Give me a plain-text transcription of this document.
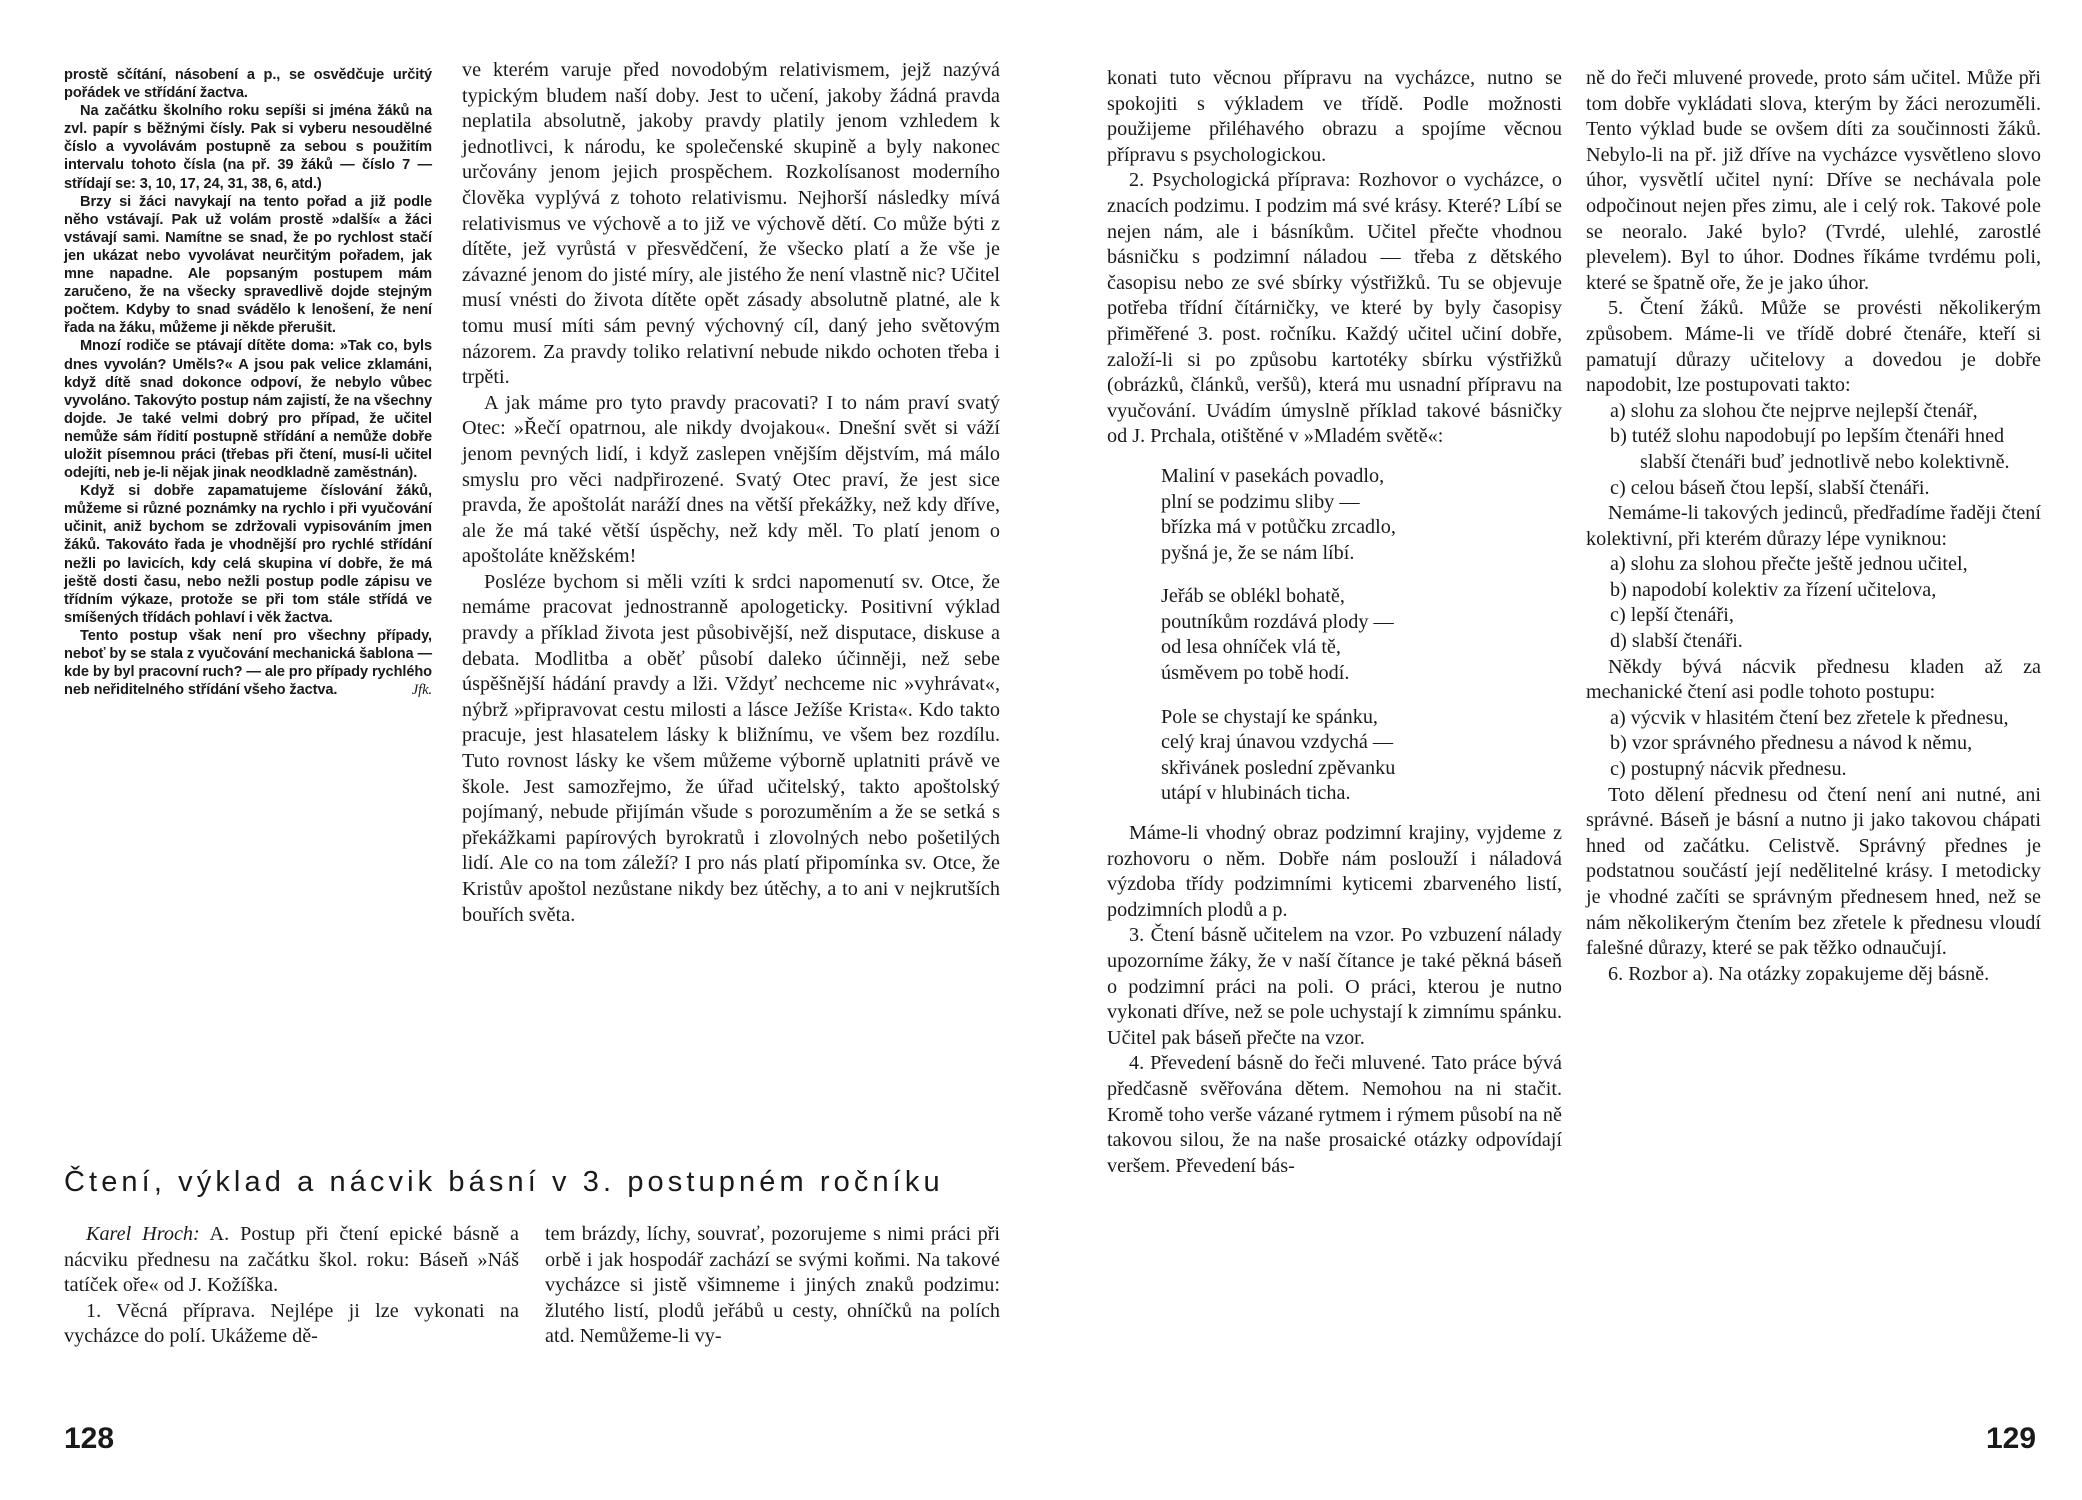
prostě sčítání, násobení a p., se osvědčuje určitý pořádek ve střídání žactva.

Na začátku školního roku sepíši si jména žáků na zvl. papír s běžnými čísly. Pak si vyberu nesoudělné číslo a vyvolávám postupně za sebou s použitím intervalu tohoto čísla (na př. 39 žáků — číslo 7 — střídají se: 3, 10, 17, 24, 31, 38, 6, atd.)

Brzy si žáci navykají na tento pořad a již podle něho vstávají. Pak už volám prostě »další« a žáci vstávají sami. Namítne se snad, že po rychlost stačí jen ukázat nebo vyvolávat neurčitým pořadem, jak mne napadne. Ale popsaným postupem mám zaručeno, že na všecky spravedlivě dojde stejným počtem. Kdyby to snad svádělo k lenošení, že není řada na žáku, můžeme ji někde přerušit.

Mnozí rodiče se ptávají dítěte doma: »Tak co, byls dnes vyvolán? Uměls?« A jsou pak velice zklamáni, když dítě snad dokonce odpoví, že nebylo vůbec vyvoláno. Takovýto postup nám zajistí, že na všechny dojde. Je také velmi dobrý pro případ, že učitel nemůže sám řídití postupně střídání a nemůže dobře uložit písemnou práci (třebas při čtení, musí-li učitel odejíti, neb je-li nějak jinak neodkladně zaměstnán).

Když si dobře zapamatujeme číslování žáků, můžeme si různé poznámky na rychlo i při vyučování učinit, aniž bychom se zdržovali vypisováním jmen žáků. Takováto řada je vhodnější pro rychlé střídání nežli po lavicích, kdy celá skupina ví dobře, že má ještě dosti času, nebo nežli postup podle zápisu ve třídním výkaze, protože se při tom stále střídá ve smíšených třídách pohlaví i věk žactva.

Tento postup však není pro všechny případy, neboť by se stala z vyučování mechanická šablona — kde by byl pracovní ruch? — ale pro případy rychlého neb neřiditelného střídání všeho žactva.	Jfk.

ve kterém varuje před novodobým relativismem, jejž nazývá typickým bludem naší doby. Jest to učení, jakoby žádná pravda neplatila absolutně, jakoby pravdy platily jenom vzhledem k jednotlivci, k národu, ke společenské skupině a byly nakonec určovány jenom jejich prospěchem. Rozkolísanost moderního člověka vyplývá z tohoto relativismu. Nejhorší následky mívá relativismus ve výchově a to již ve výchově dětí. Co může býti z dítěte, jež vyrůstá v přesvědčení, že všecko platí a že vše je závazné jenom do jisté míry, ale jistého že není vlastně nic? Učitel musí vnésti do života dítěte opět zásady absolutně platné, ale k tomu musí míti sám pevný výchovný cíl, daný jeho světovým názorem. Za pravdy toliko relativní nebude nikdo ochoten třeba i trpěti.

A jak máme pro tyto pravdy pracovati? I to nám praví svatý Otec: »Řečí opatrnou, ale nikdy dvojakou«. Dnešní svět si váží jenom pevných lidí, i když zaslepen vnějším dějstvím, má málo smyslu pro věci nadpřirozené. Svatý Otec praví, že jest sice pravda, že apoštolát naráží dnes na větší překážky, než kdy dříve, ale že má také větší úspěchy, než kdy měl. To platí jenom o apoštoláte kněžském!

Posléze bychom si měli vzíti k srdci napomenutí sv. Otce, že nemáme pracovat jednostranně apologeticky. Positivní výklad pravdy a příklad života jest působivější, než disputace, diskuse a debata. Modlitba a oběť působí daleko účinněji, než sebe úspěšnější hádání pravdy a lži. Vždyť nechceme nic »vyhrávat«, nýbrž »připravovat cestu milosti a lásce Ježíše Krista«. Kdo takto pracuje, jest hlasatelem lásky k bližnímu, ve všem bez rozdílu. Tuto rovnost lásky ke všem můžeme výborně uplatniti právě ve škole. Jest samozřejmo, že úřad učitelský, takto apoštolský pojímaný, nebude přijímán všude s porozuměním a že se setká s překážkami papírových byrokratů i zlovolných nebo pošetilých lidí. Ale co na tom záleží? I pro nás platí připomínka sv. Otce, že Kristův apoštol nezůstane nikdy bez útěchy, a to ani v nejkrutších bouřích světa.

Čtení, výklad a nácvik básní v 3. postupném ročníku

Karel Hroch: A. Postup při čtení epické básně a nácviku přednesu na začátku škol. roku: Báseň »Náš tatíček oře« od J. Kožíška.

1. Věcná příprava. Nejlépe ji lze vykonati na vycházce do polí. Ukážeme dě-

tem brázdy, líchy, souvrať, pozorujeme s nimi práci při orbě i jak hospodář zachází se svými koňmi. Na takové vycházce si jistě všimneme i jiných znaků podzimu: žlutého listí, plodů jeřábů u cesty, ohníčků na polích atd. Nemůžeme-li vy-

128

konati tuto věcnou přípravu na vycházce, nutno se spokojiti s výkladem ve třídě. Podle možnosti použijeme přiléhavého obrazu a spojíme věcnou přípravu s psychologickou.

2. Psychologická příprava: Rozhovor o vycházce, o znacích podzimu. I podzim má své krásy. Které? Líbí se nejen nám, ale i básníkům. Učitel přečte vhodnou básničku s podzimní náladou — třeba z dětského časopisu nebo ze své sbírky výstřižků. Tu se objevuje potřeba třídní čítárničky, ve které by byly časopisy přiměřené 3. post. ročníku. Každý učitel učiní dobře, založí-li si po způsobu kartotéky sbírku výstřižků (obrázků, článků, veršů), která mu usnadní přípravu na vyučování. Uvádím úmyslně příklad takové básničky od J. Prchala, otištěné v »Mladém světě«:

Maliní v pasekách povadlo,
plní se podzimu sliby —
břízka má v potůčku zrcadlo,
pyšná je, že se nám líbí.
Jeřáb se oblékl bohatě,
poutníkům rozdává plody —
od lesa ohníček vlá tě,
úsměvem po tobě hodí.
Pole se chystají ke spánku,
celý kraj únavou vzdychá —
skřivánek poslední zpěvanku
utápí v hlubinách ticha.

Máme-li vhodný obraz podzimní krajiny, vyjdeme z rozhovoru o něm. Dobře nám poslouží i náladová výzdoba třídy podzimními kyticemi zbarveného listí, podzimních plodů a p.

3. Čtení básně učitelem na vzor. Po vzbuzení nálady upozorníme žáky, že v naší čítance je také pěkná báseň o podzimní práci na poli. O práci, kterou je nutno vykonati dříve, než se pole uchystají k zimnímu spánku. Učitel pak báseň přečte na vzor.

4. Převedení básně do řeči mluvené. Tato práce bývá předčasně svěřována dětem. Nemohou na ni stačit. Kromě toho verše vázané rytmem i rýmem působí na ně takovou silou, že na naše prosaické otázky odpovídají veršem. Převedení bás-

ně do řeči mluvené provede, proto sám učitel. Může při tom dobře vykládati slova, kterým by žáci nerozuměli. Tento výklad bude se ovšem díti za součinnosti žáků. Nebylo-li na př. již dříve na vycházce vysvětleno slovo úhor, vysvětlí učitel nyní: Dříve se nechávala pole odpočinout nejen přes zimu, ale i celý rok. Takové pole se neoralo. Jaké bylo? (Tvrdé, ulehlé, zarostlé plevelem). Byl to úhor. Dodnes říkáme tvrdému poli, které se špatně oře, že je jako úhor.

5. Čtení žáků. Může se provésti několikerým způsobem. Máme-li ve třídě dobré čtenáře, kteří si pamatují důrazy učitelovy a dovedou je dobře napodobit, lze postupovati takto:

a) slohu za slohou čte nejprve nejlepší čtenář,
b) tutéž slohu napodobují po lepším čtenáři hned slabší čtenáři buď jednotlivě nebo kolektivně.
c) celou báseň čtou lepší, slabší čtenáři.

Nemáme-li takových jedinců, předřadíme řaději čtení kolektivní, při kterém důrazy lépe vyniknou:

a) slohu za slohou přečte ještě jednou učitel,
b) napodobí kolektiv za řízení učitelova,
c) lepší čtenáři,
d) slabší čtenáři.

Někdy bývá nácvik přednesu kladen až za mechanické čtení asi podle tohoto postupu:

a) výcvik v hlasitém čtení bez zřetele k přednesu,
b) vzor správného přednesu a návod k němu,
c) postupný nácvik přednesu.

Toto dělení přednesu od čtení není ani nutné, ani správné. Báseň je básní a nutno ji jako takovou chápati hned od začátku. Celistvě. Správný přednes je podstatnou součástí její nedělitelné krásy. I metodicky je vhodné začíti se správným přednesem hned, než se nám několikerým čtením bez zřetele k přednesu vloudí falešné důrazy, které se pak těžko odnaučují.

6. Rozbor a). Na otázky zopakujeme děj básně.

129
